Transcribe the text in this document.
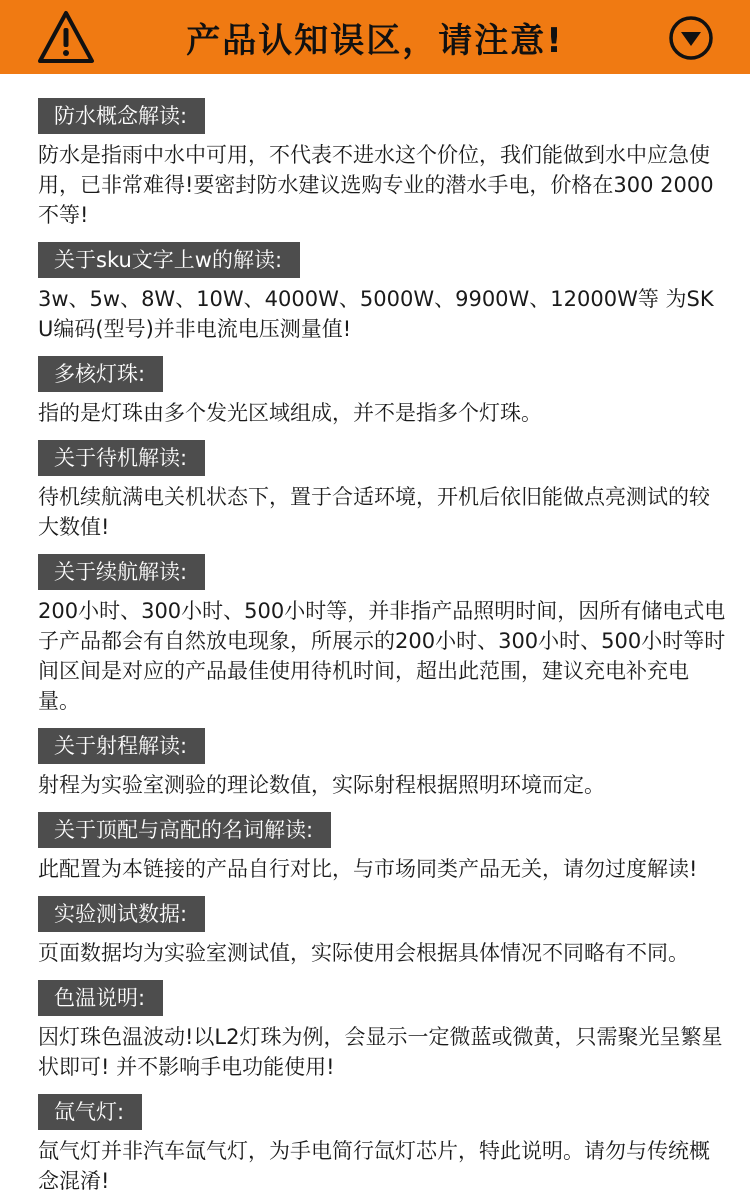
产品认知误区，请注意!
防水概念解读:

防水是指雨中水中可用，不代表不进水这个价位，我们能做到水中应急使用，已非常难得!要密封防水建议选购专业的潜水手电，价格在300 2000不等!

关于sku文字上w的解读:

3w、5w、8W、10W、4000W、5000W、9900W、12000W等 为SKU编码(型号)并非电流电压测量值!

多核灯珠:

指的是灯珠由多个发光区域组成，并不是指多个灯珠。

关于待机解读:

待机续航满电关机状态下，置于合适环境，开机后依旧能做点亮测试的较大数值!

关于续航解读:

200小时、300小时、500小时等，并非指产品照明时间，因所有储电式电子产品都会有自然放电现象，所展示的200小时、300小时、500小时等时间区间是对应的产品最佳使用待机时间，超出此范围，建议充电补充电量。

关于射程解读:

射程为实验室测验的理论数值，实际射程根据照明环境而定。

关于顶配与高配的名词解读:

此配置为本链接的产品自行对比，与市场同类产品无关，请勿过度解读!

实验测试数据:

页面数据均为实验室测试值，实际使用会根据具体情况不同略有不同。

色温说明:

因灯珠色温波动!以L2灯珠为例，会显示一定微蓝或微黄，只需聚光呈繁星状即可! 并不影响手电功能使用!

氙气灯:

氙气灯并非汽车氙气灯，为手电简行氙灯芯片，特此说明。请勿与传统概念混淆!
